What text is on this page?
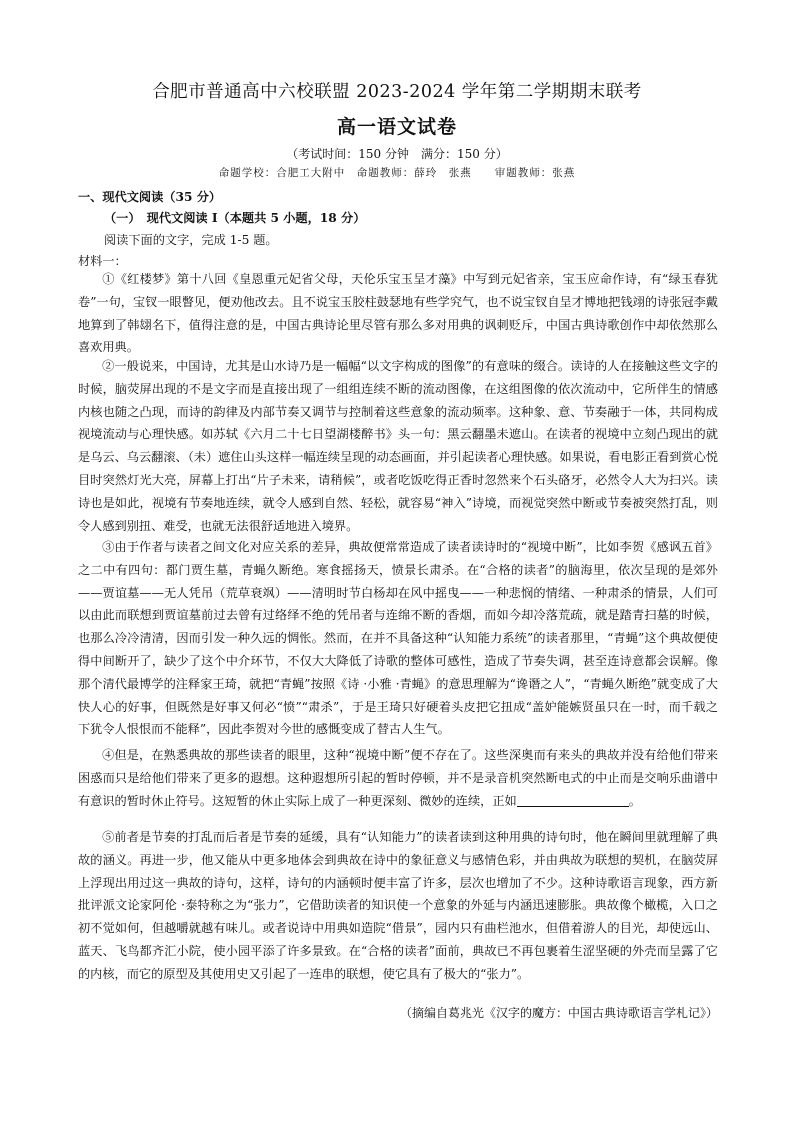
合肥市普通高中六校联盟 2023-2024 学年第二学期期末联考
高一语文试卷
（考试时间：150 分钟　满分：150 分）
命题学校：合肥工大附中　命题教师：薛玲　张燕　　审题教师：张燕
一、现代文阅读（35 分）
（一）　现代文阅读 Ⅰ（本题共 5 小题，18 分）
阅读下面的文字，完成 1-5 题。
材料一：

①《红楼梦》第十八回《皇恩重元妃省父母，天伦乐宝玉呈才藻》中写到元妃省亲，宝玉应命作诗，有“绿玉春犹卷”一句，宝钗一眼瞥见，便劝他改去。且不说宝玉胶柱鼓瑟地有些学究气，也不说宝钗自呈才博地把钱翊的诗张冠李戴地算到了韩翃名下，值得注意的是，中国古典诗论里尽管有那么多对用典的讽刺贬斥，中国古典诗歌创作中却依然那么喜欢用典。

②一般说来，中国诗，尤其是山水诗乃是一幅幅“以文字构成的图像”的有意味的缀合。读诗的人在接触这些文字的时候，脑荧屏出现的不是文字而是直接出现了一组组连续不断的流动图像，在这组图像的依次流动中，它所伴生的情感内核也随之凸现，而诗的韵律及内部节奏又调节与控制着这些意象的流动频率。这种象、意、节奏融于一体，共同构成视境流动与心理快感。如苏轼《六月二十七日望湖楼醉书》头一句：黑云翻墨未遮山。在读者的视境中立刻凸现出的就是乌云、乌云翻滚、（未）遮住山头这样一幅连续呈现的动态画面，并引起读者心理快感。如果说，看电影正看到赏心悦目时突然灯光大亮，屏幕上打出“片子未来，请稍候”，或者吃饭吃得正香时忽然来个石头硌牙，必然令人大为扫兴。读诗也是如此，视境有节奏地连续，就令人感到自然、轻松，就容易“神入”诗境，而视觉突然中断或节奏被突然打乱，则令人感到别扭、难受，也就无法很舒适地进入境界。

③由于作者与读者之间文化对应关系的差异，典故便常常造成了读者读诗时的“视境中断”，比如李贺《感讽五首》之二中有四句：都门贾生墓，青蝇久断绝。寒食摇扬天，愤景长肃杀。在“合格的读者”的脑海里，依次呈现的是郊外——贾谊墓——无人凭吊（荒草衰飒）——清明时节白杨却在风中摇曳——一种悲悯的情绪、一种肃杀的情景，人们可以由此而联想到贾谊墓前过去曾有过络绎不绝的凭吊者与连绵不断的香烟，而如今却冷落荒疏，就是踏青扫墓的时候，也那么冷冷清清，因而引发一种久远的惆怅。然而，在并不具备这种“认知能力系统”的读者那里，“青蝇”这个典故便使得中间断开了，缺少了这个中介环节，不仅大大降低了诗歌的整体可感性，造成了节奏失调，甚至连诗意都会误解。像那个清代最博学的注释家王琦，就把“青蝇”按照《诗 ·小雅 ·青蝇》的意思理解为“谗谮之人”，“青蝇久断绝”就变成了大快人心的好事，但既然是好事又何必“愤”“肃杀”，于是王琦只好硬着头皮把它扭成“盖妒能嫉贤虽只在一时，而千载之下犹令人恨恨而不能释”，因此李贺对今世的感慨变成了替古人生气。

④但是，在熟悉典故的那些读者的眼里，这种“视境中断”便不存在了。这些深奥而有来头的典故并没有给他们带来困惑而只是给他们带来了更多的遐想。这种遐想所引起的暂时停顿，并不是录音机突然断电式的中止而是交响乐曲谱中有意识的暂时休止符号。这短暂的休止实际上成了一种更深刻、微妙的连续，正如	。

⑤前者是节奏的打乱而后者是节奏的延缓，具有“认知能力”的读者读到这种用典的诗句时，他在瞬间里就理解了典故的涵义。再进一步，他又能从中更多地体会到典故在诗中的象征意义与感情色彩，并由典故为联想的契机，在脑荧屏上浮现出用过这一典故的诗句，这样，诗句的内涵顿时便丰富了许多，层次也增加了不少。这种诗歌语言现象，西方新批评派文论家阿伦 ·泰特称之为“张力”，它借助读者的知识使一个意象的外延与内涵迅速膨胀。典故像个橄榄，入口之初不觉如何，但越嚼就越有味儿。或者说诗中用典如造院“借景”，园内只有曲栏池水，但借着游人的目光，却使远山、蓝天、飞鸟都齐汇小院，使小园平添了许多景致。在“合格的读者”面前，典故已不再包裹着生涩坚硬的外壳而呈露了它的内核，而它的原型及其使用史又引起了一连串的联想，使它具有了极大的“张力”。

（摘编自葛兆光《汉字的魔方：中国古典诗歌语言学札记》）
